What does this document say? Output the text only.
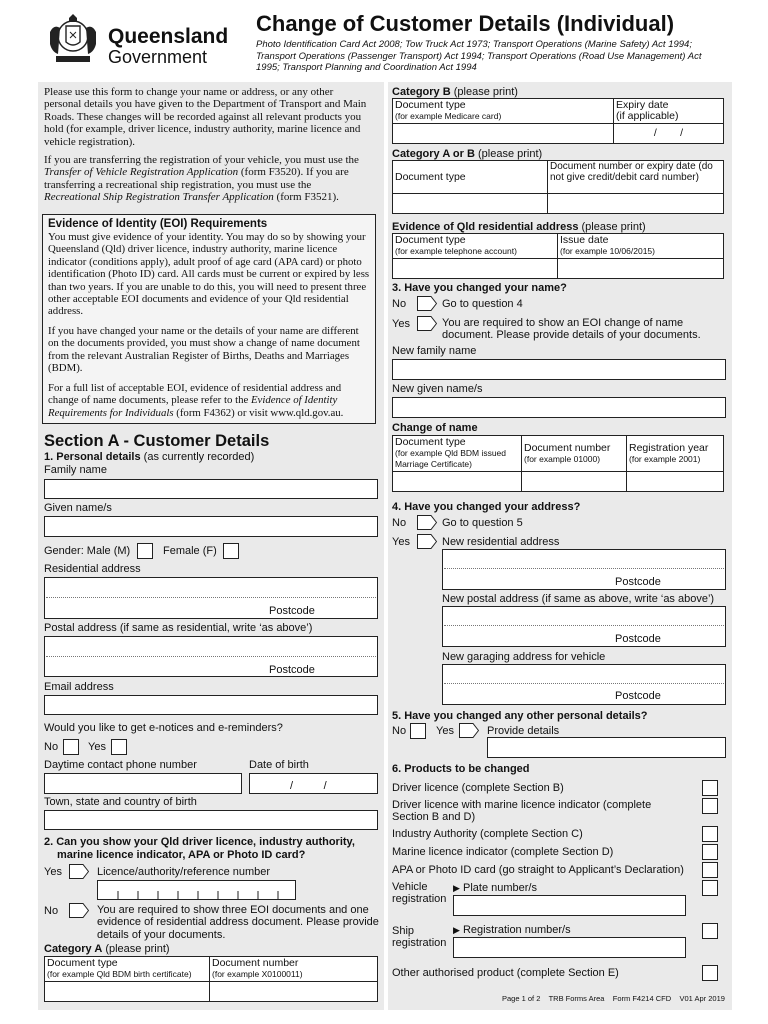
Queensland
Government
Change of Customer Details (Individual)
Photo Identification Card Act 2008; Tow Truck Act 1973; Transport Operations (Marine Safety) Act 1994; Transport Operations (Passenger Transport) Act 1994; Transport Operations (Road Use Management) Act 1995; Transport Planning and Coordination Act 1994
Please use this form to change your name or address, or any other personal details you have given to the Department of Transport and Main Roads. These changes will be recorded against all relevant products you hold (for example, driver licence, industry authority, marine licence and vehicle registration).
If you are transferring the registration of your vehicle, you must use the Transfer of Vehicle Registration Application (form F3520). If you are transferring a recreational ship registration, you must use the Recreational Ship Registration Transfer Application (form F3521).
Evidence of Identity (EOI) Requirements
You must give evidence of your identity. You may do so by showing your Queensland (Qld) driver licence, industry authority, marine licence indicator (conditions apply), adult proof of age card (APA card) or photo identification (Photo ID) card. All cards must be current or expired by less than two years. If you are unable to do this, you will need to present three other acceptable EOI documents and evidence of your Qld residential address.
If you have changed your name or the details of your name are different on the documents provided, you must show a change of name document from the relevant Australian Register of Births, Deaths and Marriages (BDM).
For a full list of acceptable EOI, evidence of residential address and change of name documents, please refer to the Evidence of Identity Requirements for Individuals (form F4362) or visit www.qld.gov.au.
Section A - Customer Details
1. Personal details (as currently recorded)
Family name
Given name/s
Gender: Male (M)	Female (F)
Residential address
Postcode
Postal address (if same as residential, write ‘as above’)
Postcode
Email address
Would you like to get e-notices and e-reminders?
No	Yes
Daytime contact phone number	Date of birth
/          /
Town, state and country of birth
2. Can you show your Qld driver licence, industry authority,
marine licence indicator, APA or Photo ID card?
Yes	Licence/authority/reference number
No	You are required to show three EOI documents and one evidence of residential address document. Please provide details of your documents.
Category A (please print)
Document type
(for example Qld BDM birth certificate)	Document number
(for example X0100011)

Category B (please print)
Document type
(for example Medicare card)	Expiry date
(if applicable)
	/        /
Category A or B (please print)
Document type	Document number or expiry date (do not give credit/debit card number)

Evidence of Qld residential address (please print)
Document type
(for example telephone account)	Issue date
(for example 10/06/2015)

3. Have you changed your name?
No	Go to question 4
Yes	You are required to show an EOI change of name document. Please provide details of your documents.
New family name
New given name/s
Change of name
Document type
(for example Qld BDM issued Marriage Certificate)	Document number
(for example 01000)	Registration year
(for example 2001)

4. Have you changed your address?
No	Go to question 5
Yes	New residential address
Postcode
New postal address (if same as above, write ‘as above’)
Postcode
New garaging address for vehicle
Postcode
5. Have you changed any other personal details?
No	Yes	Provide details
6. Products to be changed
Driver licence (complete Section B)
Driver licence with marine licence indicator (complete Section B and D)
Industry Authority (complete Section C)
Marine licence indicator (complete Section D)
APA or Photo ID card (go straight to Applicant’s Declaration)
Vehicle registration
▶ Plate number/s
Ship registration
▶ Registration number/s
Other authorised product (complete Section E)
Page 1 of 2 TRB Forms Area Form F4214 CFD V01 Apr 2019
